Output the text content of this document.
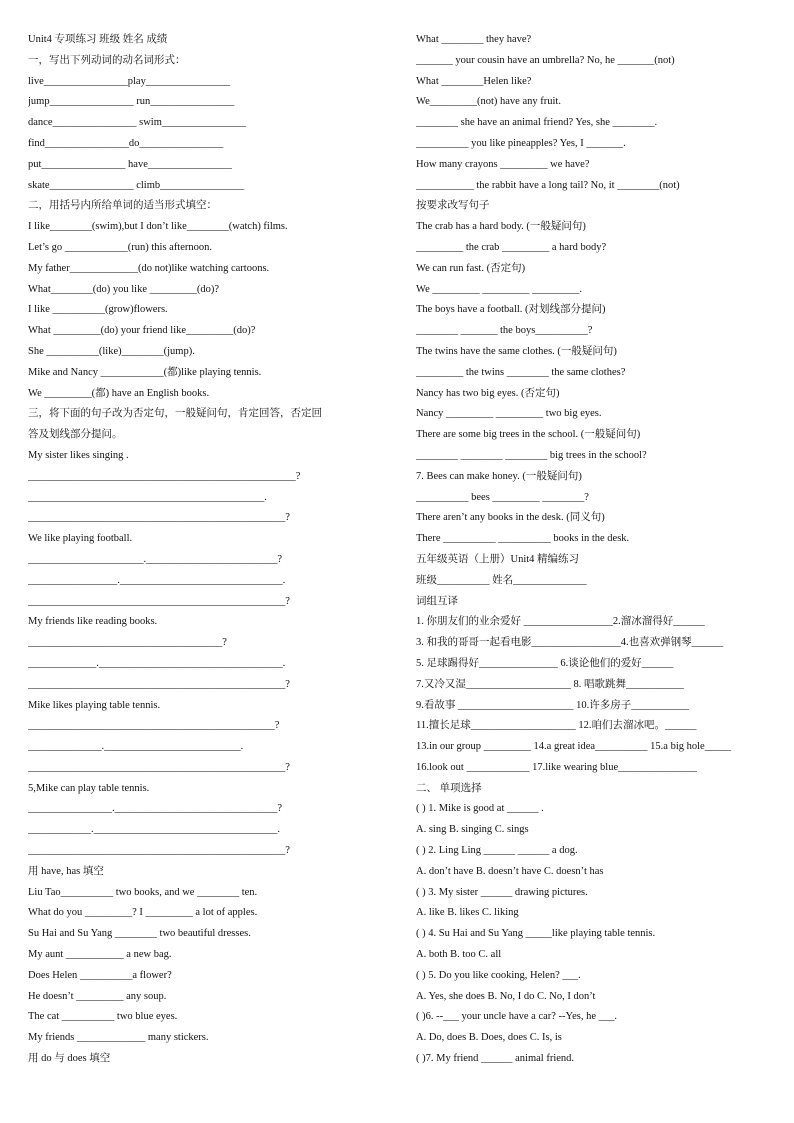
Unit4 专项练习 班级 姓名 成绩
一，写出下列动词的动名词形式：
live________________play________________
jump________________ run________________
dance________________ swim________________
find________________do________________
put________________ have________________
skate________________ climb________________
二，用括号内所给单词的适当形式填空：
I like________(swim),but I don’t like________(watch) films.
Let’s go ____________(run) this afternoon.
My father_____________(do not)like watching cartoons.
What________(do) you like _________(do)?
I like __________(grow)flowers.
What _________(do) your friend like_________(do)?
She __________(like)________(jump).
Mike and Nancy ____________(都)like playing tennis.
We _________(都) have an English books.
三，将下面的句子改为否定句，一般疑问句，肯定回答，否定回
答及划线部分提问。
My sister likes singing .
___________________________________________________?
_____________________________________________.
_________________________________________________?
We like playing football.
______________________._________________________?
_________________._______________________________.
_________________________________________________?
My friends like reading books.
_____________________________________?
_____________.___________________________________.
_________________________________________________?
Mike likes playing table tennis.
_______________________________________________?
______________.__________________________.
_________________________________________________?
5,Mike can play table tennis.
________________._______________________________?
____________.___________________________________.
_________________________________________________?
用 have, has 填空
Liu Tao__________ two books, and we ________ ten.
What do you _________? I _________ a lot of apples.
Su Hai and Su Yang ________ two beautiful dresses.
My aunt ___________ a new bag.
Does Helen __________a flower?
He doesn’t _________ any soup.
The cat __________ two blue eyes.
My friends _____________ many stickers.
用 do 与 does 填空
What ________ they have?
_______ your cousin have an umbrella? No, he _______(not)
What ________Helen like?
We_________(not) have any fruit.
________ she have an animal friend? Yes, she ________.
__________ you like pineapples? Yes, I _______.
How many crayons _________ we have?
___________ the rabbit have a long tail? No, it ________(not)
按要求改写句子
The crab has a hard body. (一般疑问句)
_________ the crab _________ a hard body?
We can run fast. (否定句)
We _________ _________ _________.
The boys have a football. (对划线部分提问)
________ _______ the boys__________?
The twins have the same clothes. (一般疑问句)
_________ the twins ________ the same clothes?
Nancy has two big eyes. (否定句)
Nancy _________ _________ two big eyes.
There are some big trees in the school. (一般疑问句)
________ ________ ________ big trees in the school?
7. Bees can make honey. (一般疑问句)
__________ bees _________ ________?
There aren’t any books in the desk. (同义句)
There __________ __________ books in the desk.
五年级英语（上册）Unit4 精编练习
班级__________ 姓名______________
词组互译
1. 你朋友们的业余爱好 _________________2.溜冰溜得好______
3. 和我的哥哥一起看电影_________________4.也喜欢弹钢琴______
5. 足球踢得好_______________ 6.谈论他们的爱好______
7.又冷又湿____________________ 8. 唱歌跳舞___________
9.看故事 ______________________ 10.许多房子___________
11.擅长足球____________________ 12.咱们去溜冰吧。______
13.in our group _________ 14.a great idea__________ 15.a big hole_____
16.look out ____________ 17.like wearing blue_______________
二、 单项选择
( ) 1. Mike is good at ______ .
A. sing B. singing C. sings
( ) 2. Ling Ling ______ ______ a dog.
A. don’t have B. doesn’t have C. doesn’t has
( ) 3. My sister ______ drawing pictures.
A. like B. likes C. liking
( ) 4. Su Hai and Su Yang _____like playing table tennis.
A. both B. too C. all
( ) 5. Do you like cooking, Helen? ___.
A. Yes, she does B. No, I do C. No, I don’t
( )6. --___ your uncle have a car? --Yes, he ___.
A. Do, does B. Does, does C. Is, is
( )7. My friend ______ animal friend.
